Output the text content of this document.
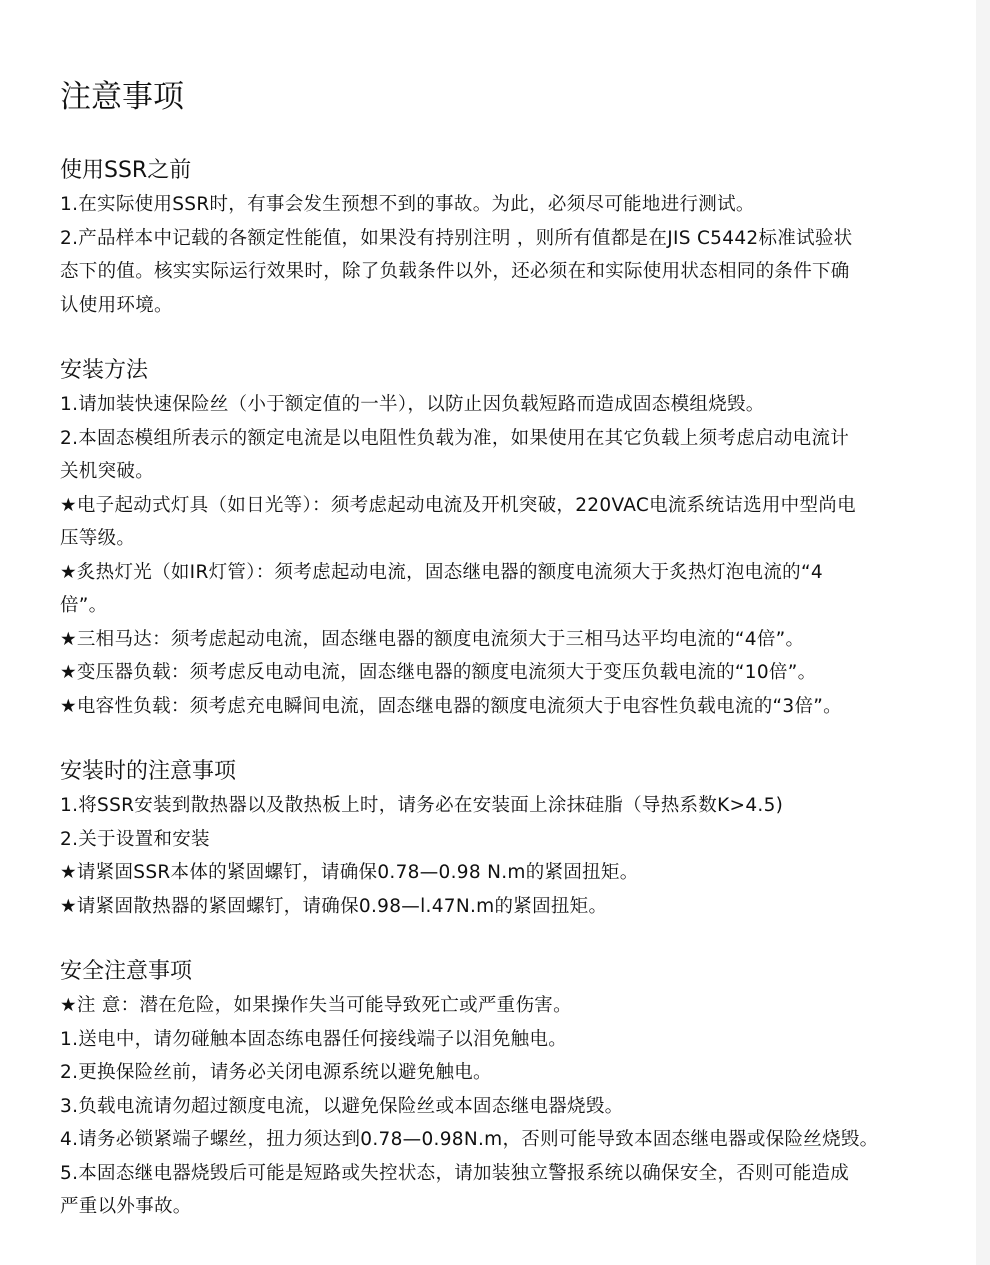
注意事项
使用SSR之前
1.在实际使用SSR时，有事会发生预想不到的事故。为此，必须尽可能地进行测试。
2.产品样本中记载的各额定性能值，如果没有持别注明 ，则所有值都是在JIS C5442标准试验状
态下的值。核实实际运行效果时，除了负载条件以外，还必须在和实际使用状态相同的条件下确
认使用环境。
安装方法
1.请加装快速保险丝（小于额定值的一半），以防止因负载短路而造成固态模组烧毁。
2.本固态模组所表示的额定电流是以电阻性负载为准，如果使用在其它负载上须考虑启动电流计
关机突破。
★电子起动式灯具（如日光等）：须考虑起动电流及开机突破，220VAC电流系统诘选用中型尚电
压等级。
★炙热灯光（如IR灯管）：须考虑起动电流，固态继电器的额度电流须大于炙热灯泡电流的“4
倍”。
★三相马达：须考虑起动电流，固态继电器的额度电流须大于三相马达平均电流的“4倍”。
★变压器负载：须考虑反电动电流，固态继电器的额度电流须大于变压负载电流的“10倍”。
★电容性负载：须考虑充电瞬间电流，固态继电器的额度电流须大于电容性负载电流的“3倍”。
安装时的注意事项
1.将SSR安装到散热器以及散热板上时，请务必在安装面上涂抹硅脂（导热系数K>4.5)
2.关于设置和安装
★请紧固SSR本体的紧固螺钉，请确保0.78—0.98 N.m的紧固扭矩。
★请紧固散热器的紧固螺钉，请确保0.98—l.47N.m的紧固扭矩。
安全注意事项
★注 意：潜在危险，如果操作失当可能导致死亡或严重伤害。
1.送电中，请勿碰触本固态练电器任何接线端子以泪免触电。
2.更换保险丝前，请务必关闭电源系统以避免触电。
3.负载电流请勿超过额度电流，以避免保险丝或本固态继电器烧毁。
4.请务必锁紧端子螺丝，扭力须达到0.78—0.98N.m，否则可能导致本固态继电器或保险丝烧毁。
5.本固态继电器烧毁后可能是短路或失控状态，请加装独立警报系统以确保安全，否则可能造成
严重以外事故。
